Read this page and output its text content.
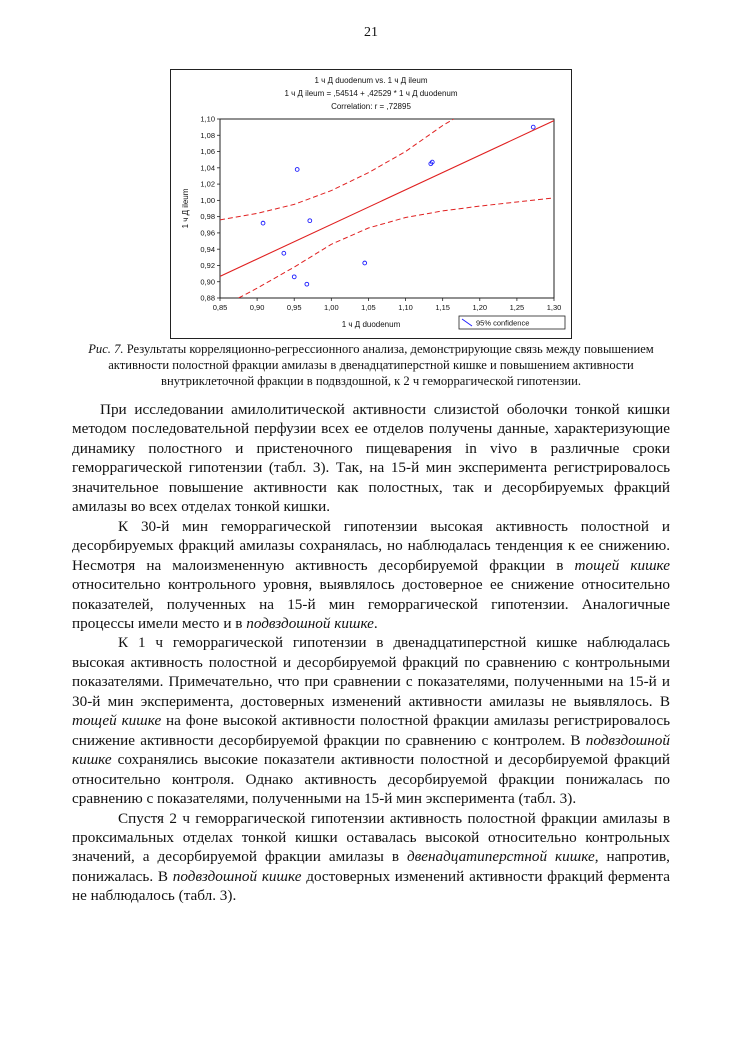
21
1 ч Д duodenum vs. 1 ч Д ileum
1 ч Д ileum = ,54514 + ,42529 * 1 ч Д duodenum
Correlation: r = ,72895
0,85	0,90	0,95	1,00	1,05	1,10	1,15	1,20	1,25	1,30
0,88
0,90
0,92
0,94
0,96
0,98
1,00
1,02
1,04
1,06
1,08
1,10
1 ч Д duodenum
1 ч Д ileum
95% confidence
Рис. 7. Результаты корреляционно-регрессионного анализа, демонстрирующие связь между повышением активности полостной фракции амилазы в двенадцатиперстной кишке и повышением активности внутриклеточной фракции в подвздошной, к 2 ч геморрагической гипотензии.

При исследовании амилолитической активности слизистой оболочки тонкой кишки методом последовательной перфузии всех ее отделов получены данные, характеризующие динамику полостного и пристеночного пищеварения in vivo в различные сроки геморрагической гипотензии (табл. 3). Так, на 15-й мин эксперимента регистрировалось значительное повышение активности как полостных, так и десорбируемых фракций амилазы во всех отделах тонкой кишки.

К 30-й мин геморрагической гипотензии высокая активность полостной и десорбируемых фракций амилазы сохранялась, но наблюдалась тенденция к ее снижению. Несмотря на малоизмененную активность десорбируемой фракции в тощей кишке относительно контрольного уровня, выявлялось достоверное ее снижение относительно показателей, полученных на 15-й мин геморрагической гипотензии. Аналогичные процессы имели место и в подвздошной кишке.

К 1 ч геморрагической гипотензии в двенадцатиперстной кишке наблюдалась высокая активность полостной и десорбируемой фракций по сравнению с контрольными показателями. Примечательно, что при сравнении с показателями, полученными на 15-й и 30-й мин эксперимента, достоверных изменений активности амилазы не выявлялось. В тощей кишке на фоне высокой активности полостной фракции амилазы регистрировалось снижение активности десорбируемой фракции по сравнению с контролем. В подвздошной кишке сохранялись высокие показатели активности полостной и десорбируемой фракций относительно контроля. Однако активность десорбируемой фракции понижалась по сравнению с показателями, полученными на 15-й мин эксперимента (табл. 3).

Спустя 2 ч геморрагической гипотензии активность полостной фракции амилазы в проксимальных отделах тонкой кишки оставалась высокой относительно контрольных значений, а десорбируемой фракции амилазы в двенадцатиперстной кишке, напротив, понижалась. В подвздошной кишке достоверных изменений активности фракций фермента не наблюдалось (табл. 3).
